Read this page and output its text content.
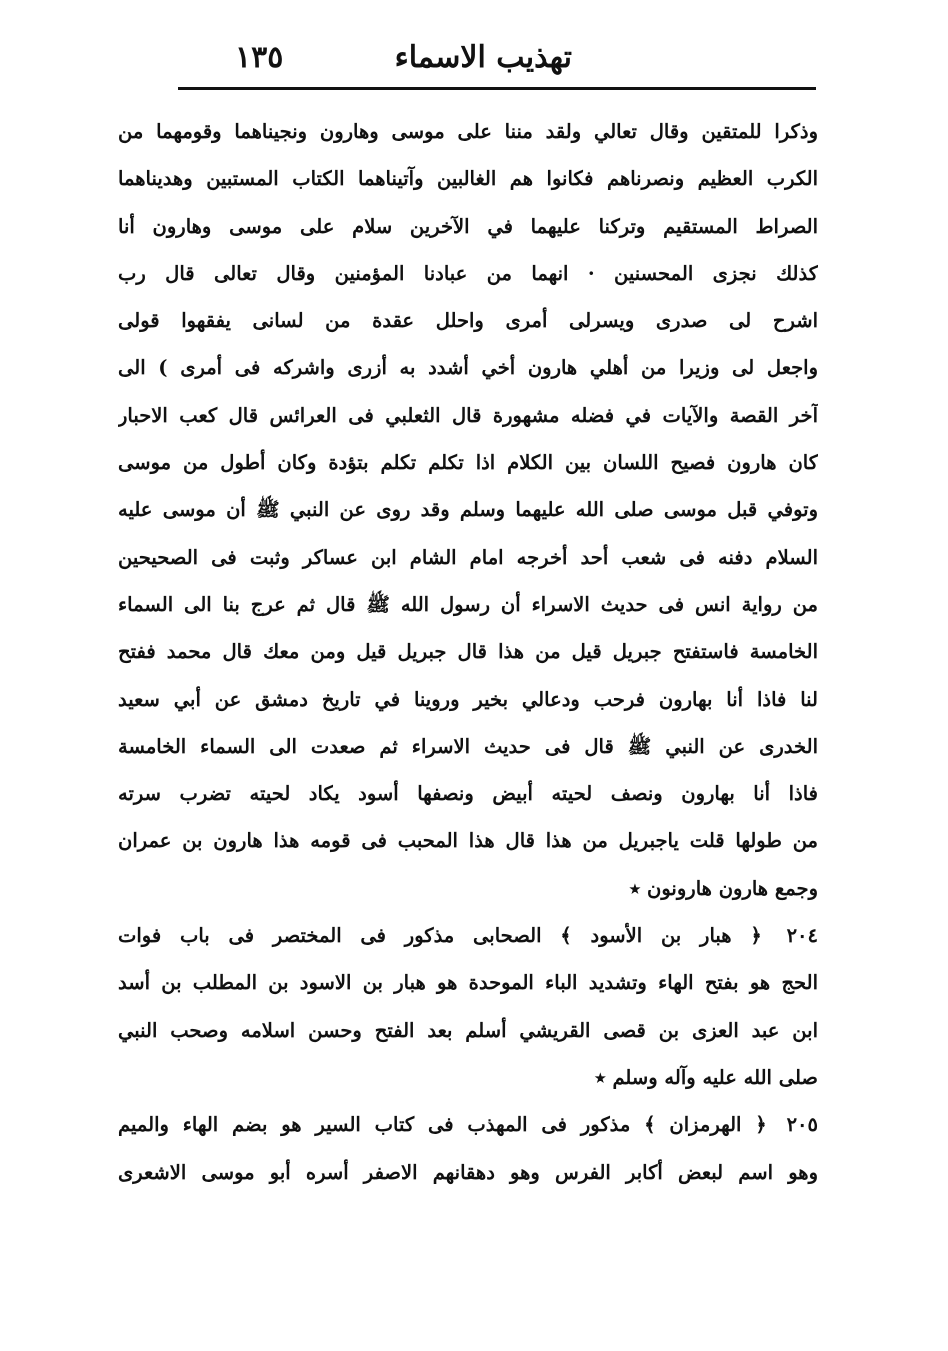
تهذيب الاسماء
١٣٥
وذكرا للمتقين وقال تعالي ولقد مننا على موسى وهارون ونجيناهما وقومهما من
الكرب العظيم ونصرناهم فكانوا هم الغالبين وآتيناهما الكتاب المستبين وهديناهما
الصراط المستقيم وتركنا عليهما في الآخرين سلام على موسى وهارون أنا
كذلك نجزى المحسنين · انهما من عبادنا المؤمنين وقال تعالى قال رب
اشرح لى صدرى ويسرلى أمرى واحلل عقدة من لسانى يفقهوا قولى
واجعل لى وزيرا من أهلي هارون أخي أشدد به أزرى واشركه فى أمرى ) الى
آخر القصة والآيات في فضله مشهورة قال الثعلبي فى العرائس قال كعب الاحبار
كان هارون فصيح اللسان بين الكلام اذا تكلم تكلم بتؤدة وكان أطول من موسى
وتوفي قبل موسى صلى الله عليهما وسلم وقد روى عن النبي ﷺ أن موسى عليه
السلام دفنه فى شعب أحد أخرجه امام الشام ابن عساكر وثبت فى الصحيحين
من رواية انس فى حديث الاسراء أن رسول الله ﷺ قال ثم عرج بنا الى السماء
الخامسة فاستفتح جبريل قيل من هذا قال جبريل قيل ومن معك قال محمد ففتح
لنا فاذا أنا بهارون فرحب ودعالي بخير وروينا في تاريخ دمشق عن أبي سعيد
الخدرى عن النبي ﷺ قال فى حديث الاسراء ثم صعدت الى السماء الخامسة
فاذا أنا بهارون ونصف لحيته أبيض ونصفها أسود يكاد لحيته تضرب سرته
من طولها قلت ياجبريل من هذا قال هذا المحبب فى قومه هذا هارون بن عمران
وجمع هارون هارونون ٭
٢٠٤ ﴿ هبار بن الأسود ﴾ الصحابى مذكور فى المختصر فى باب فوات
الحج هو بفتح الهاء وتشديد الباء الموحدة هو هبار بن الاسود بن المطلب بن أسد
ابن عبد العزى بن قصى القريشي أسلم بعد الفتح وحسن اسلامه وصحب النبي
صلى الله عليه وآله وسلم ٭
٢٠٥ ﴿ الهرمزان ﴾ مذكور فى المهذب فى كتاب السير هو بضم الهاء والميم
وهو اسم لبعض أكابر الفرس وهو دهقانهم الاصفر أسره أبو موسى الاشعرى
